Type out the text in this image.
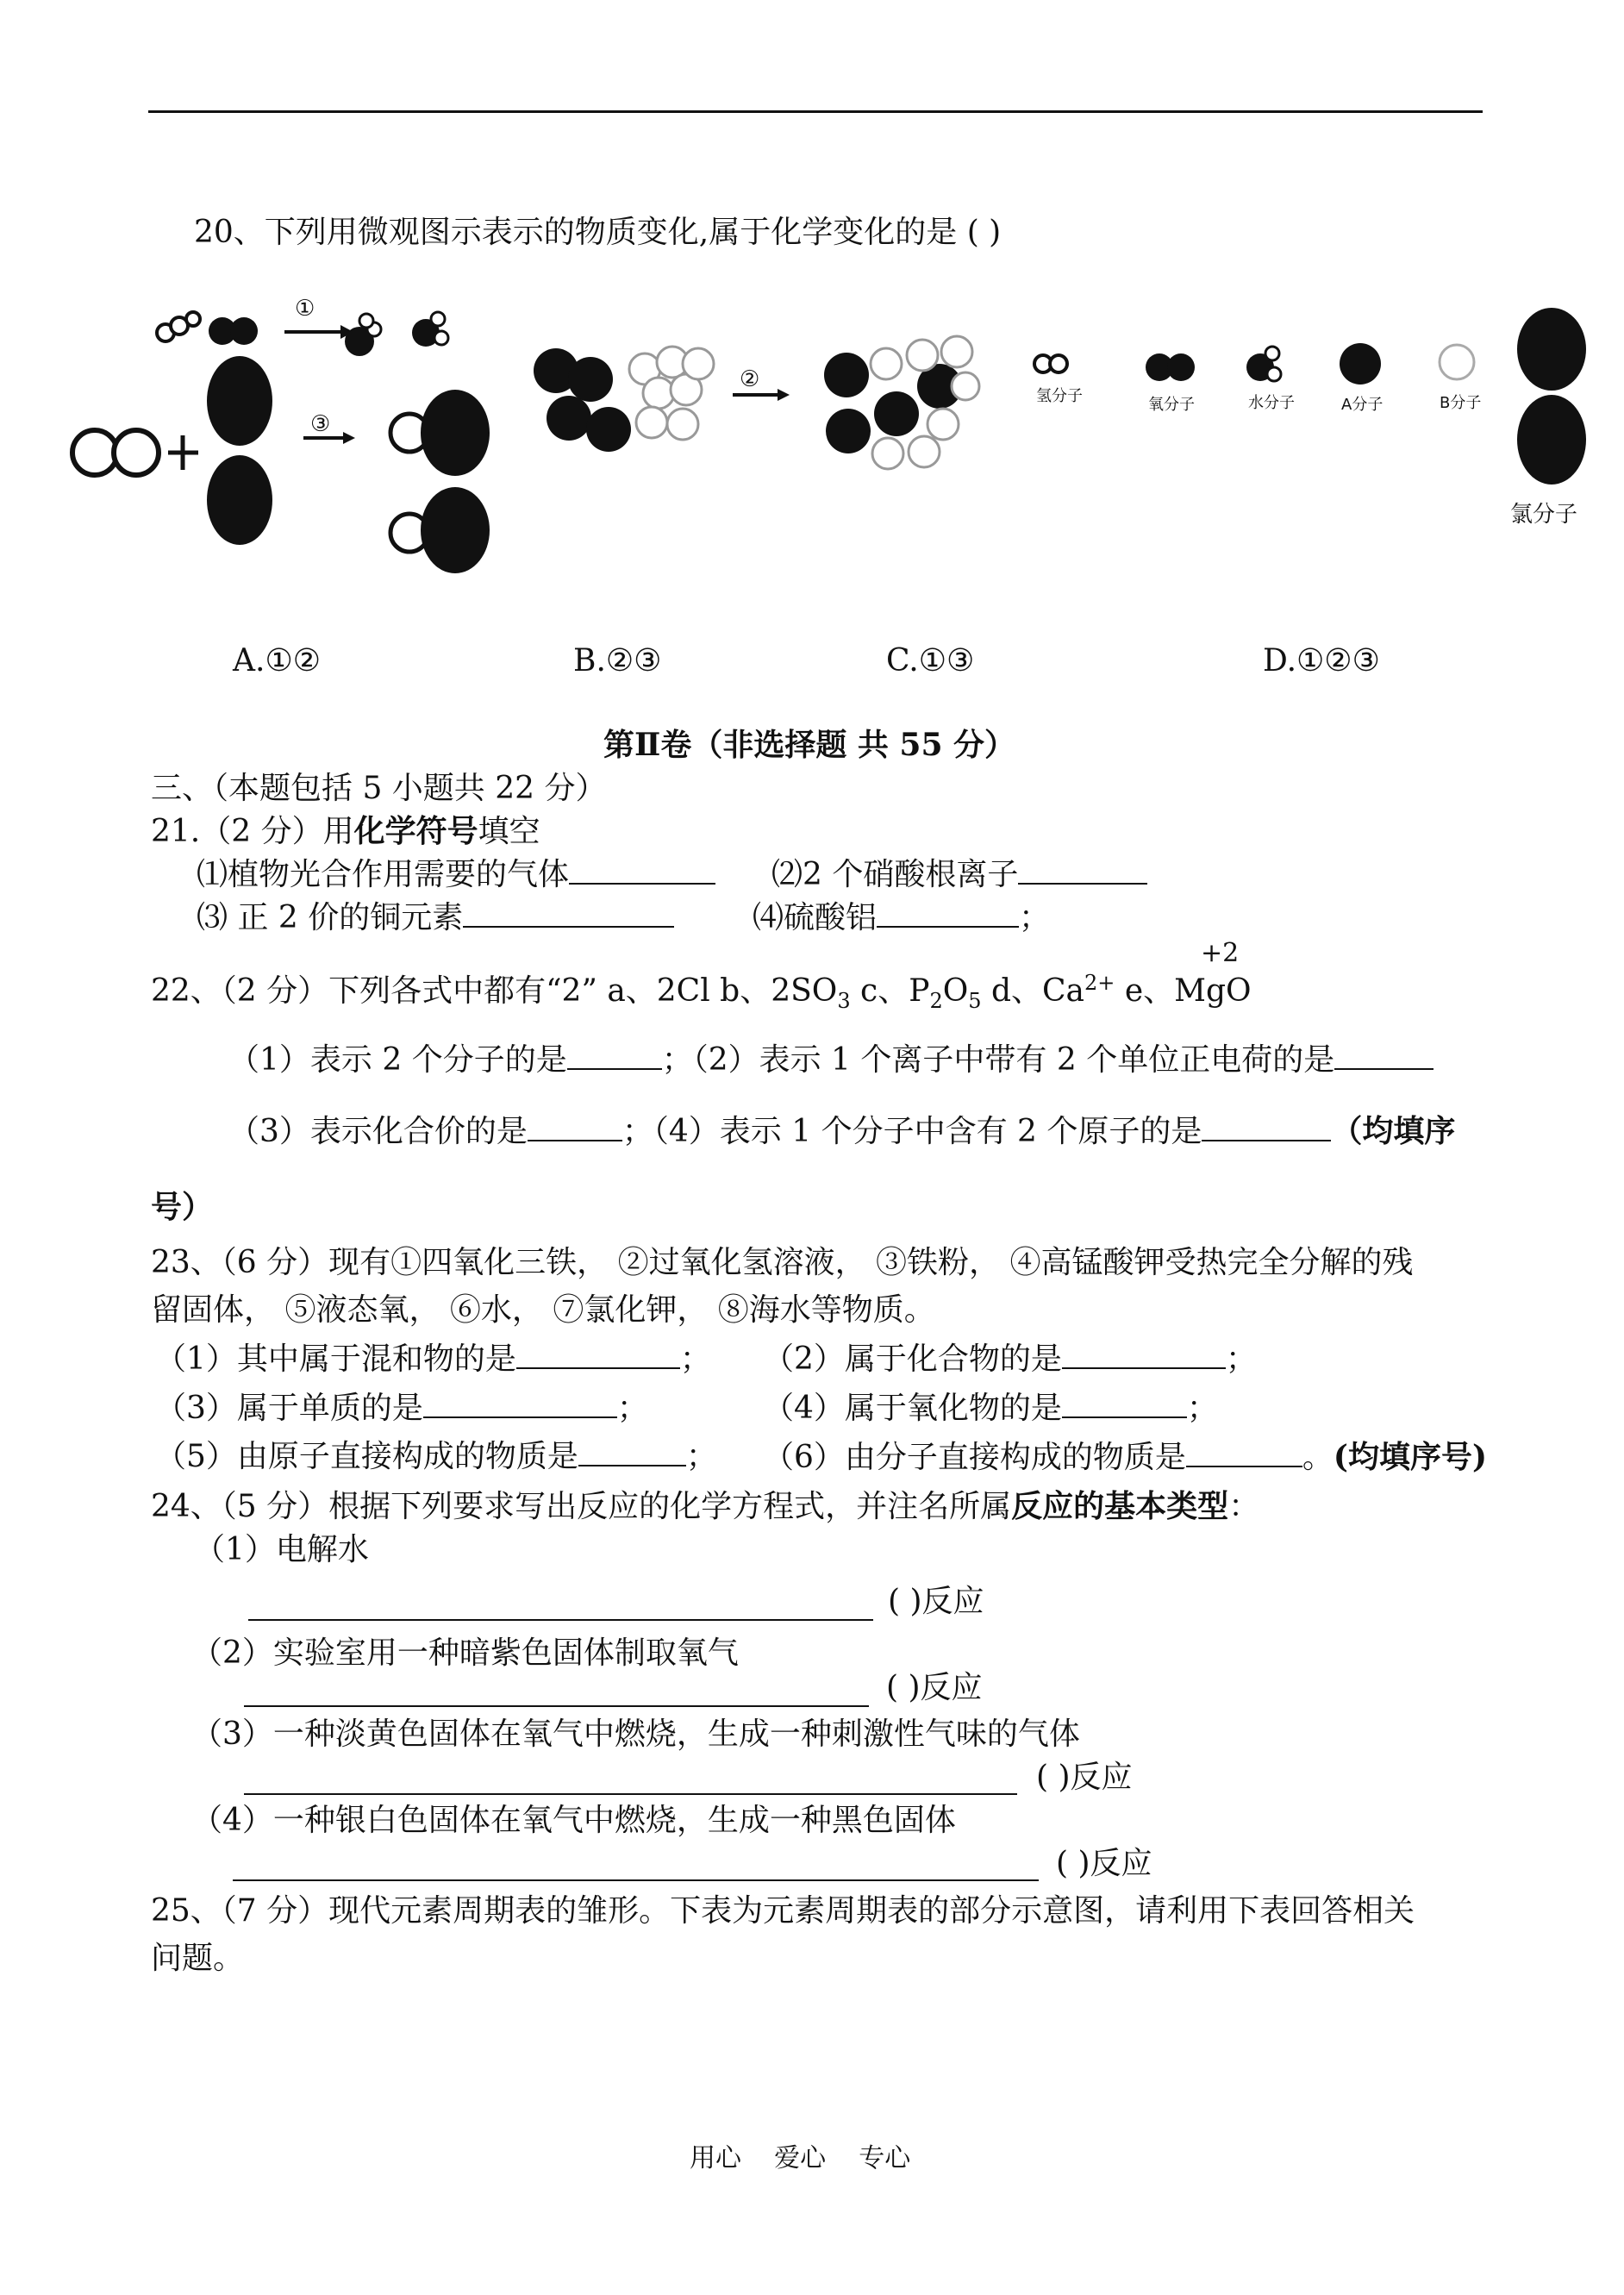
20、下列用微观图示表示的物质变化,属于化学变化的是 ( )
①
③
②
氢分子	氧分子	水分子	A分子	B分子
氯分子
A.①②	B.②③	C.①③	D.①②③
第Ⅱ卷（非选择题 共 55 分）
三、（本题包括 5 小题共 22 分）
21.（2 分）用化学符号填空
⑴植物光合作用需要的气体	⑵2 个硝酸根离子
⑶ 正 2 价的铜元素	⑷硫酸铝	；
+2
22、（2 分）下列各式中都有“2” a、2Cl b、$2SO_3$ c、$P_2O_5$ d、$Ca^{2+}$ e、MgO
（1）表示 2 个分子的是	；（2）表示 1 个离子中带有 2 个单位正电荷的是
（3）表示化合价的是	；（4）表示 1 个分子中含有 2 个原子的是	（均填序
号）
23、（6 分）现有①四氧化三铁， ②过氧化氢溶液， ③铁粉， ④高锰酸钾受热完全分解的残
留固体， ⑤液态氧， ⑥水， ⑦氯化钾， ⑧海水等物质。
（1）其中属于混和物的是	； （2）属于化合物的是	；
（3）属于单质的是	；	（4）属于氧化物的是	；
（5）由原子直接构成的物质是	； （6）由分子直接构成的物质是	。(均填序号)
24、（5 分）根据下列要求写出反应的化学方程式，并注名所属反应的基本类型：
（1）电解水
( )反应
（2）实验室用一种暗紫色固体制取氧气
( )反应
（3）一种淡黄色固体在氧气中燃烧，生成一种刺激性气味的气体
( )反应
（4）一种银白色固体在氧气中燃烧，生成一种黑色固体
( )反应
25、（7 分）现代元素周期表的雏形。下表为元素周期表的部分示意图，请利用下表回答相关
问题。
用心    爱心    专心
